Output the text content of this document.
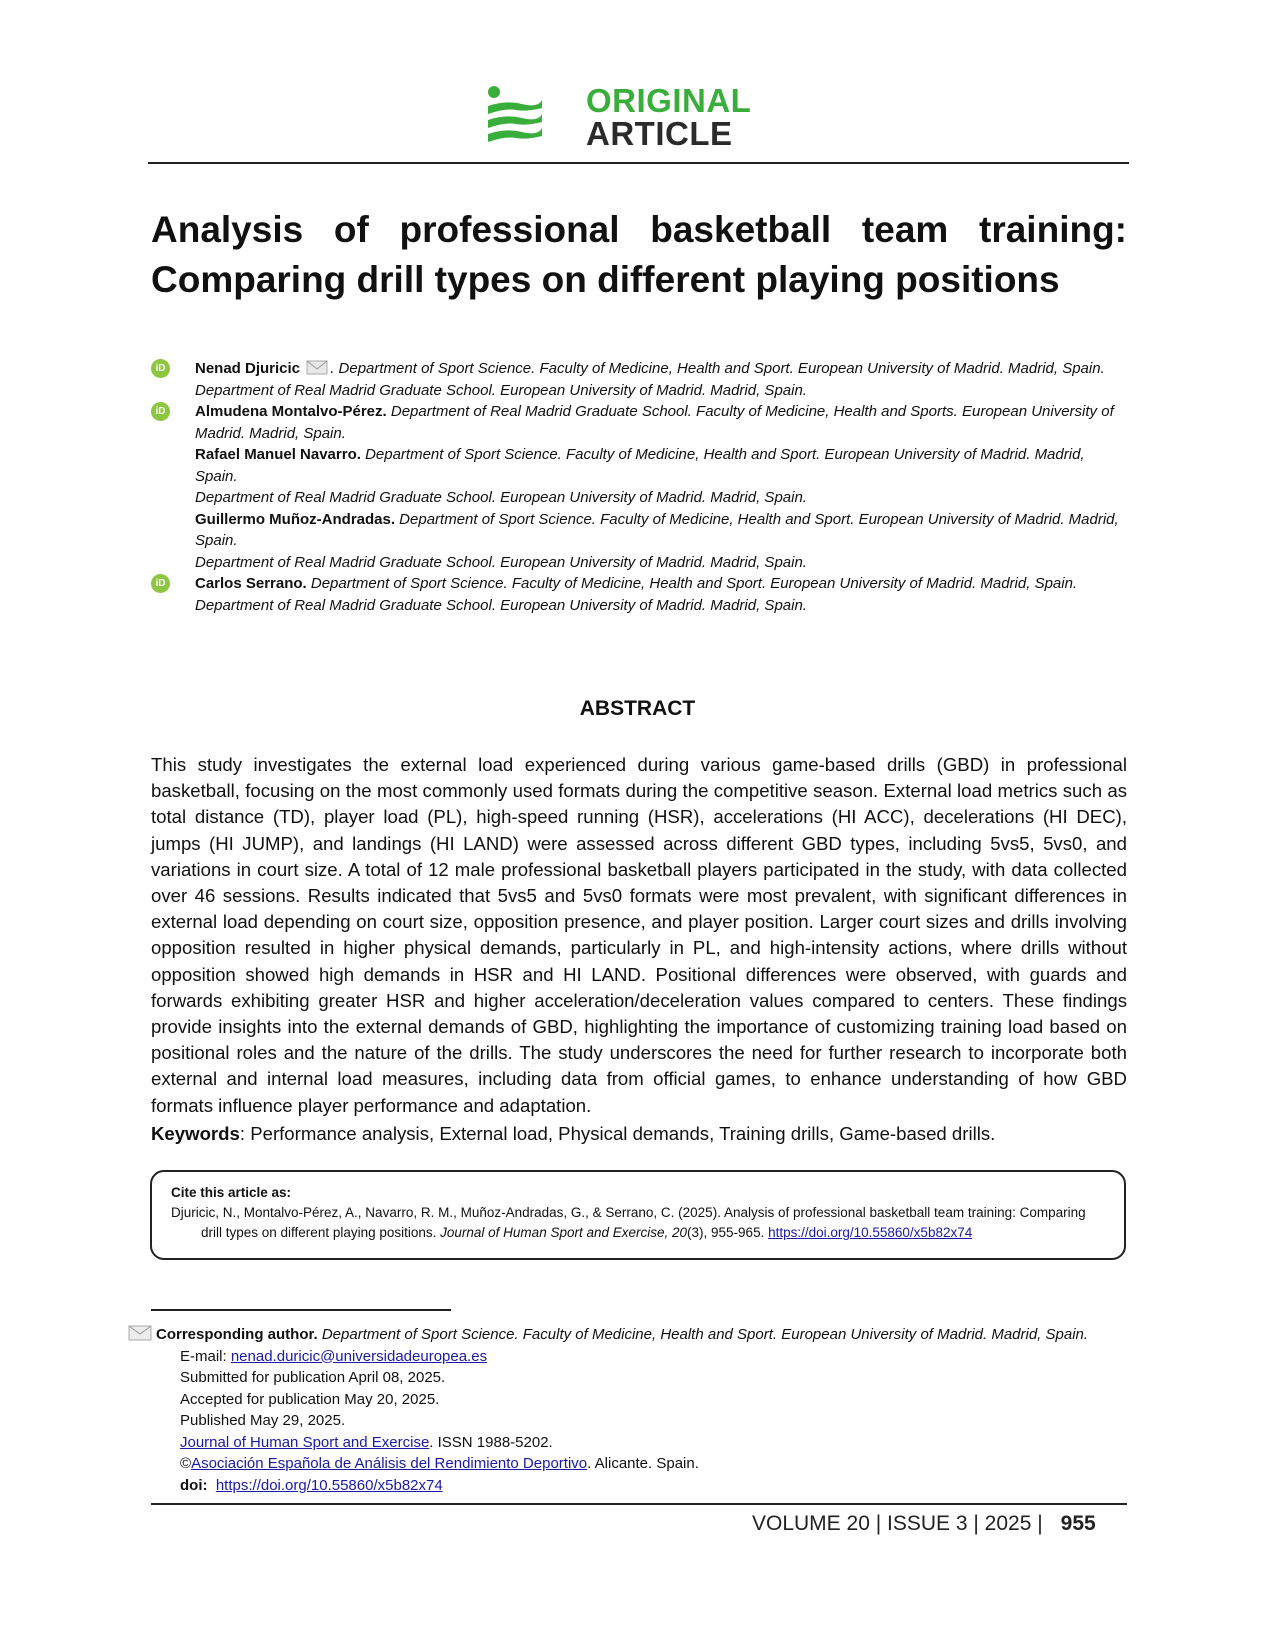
ORIGINAL
ARTICLE
Analysis of professional basketball team training: Comparing drill types on different playing positions
iD	Nenad Djuricic . Department of Sport Science. Faculty of Medicine, Health and Sport. European University of Madrid. Madrid, Spain. Department of Real Madrid Graduate School. European University of Madrid. Madrid, Spain.
iD	Almudena Montalvo-Pérez. Department of Real Madrid Graduate School. Faculty of Medicine, Health and Sports. European University of Madrid. Madrid, Spain.
Rafael Manuel Navarro. Department of Sport Science. Faculty of Medicine, Health and Sport. European University of Madrid. Madrid, Spain.
Department of Real Madrid Graduate School. European University of Madrid. Madrid, Spain.
Guillermo Muñoz-Andradas. Department of Sport Science. Faculty of Medicine, Health and Sport. European University of Madrid. Madrid, Spain.
Department of Real Madrid Graduate School. European University of Madrid. Madrid, Spain.
iD	Carlos Serrano. Department of Sport Science. Faculty of Medicine, Health and Sport. European University of Madrid. Madrid, Spain. Department of Real Madrid Graduate School. European University of Madrid. Madrid, Spain.
ABSTRACT
This study investigates the external load experienced during various game-based drills (GBD) in professional basketball, focusing on the most commonly used formats during the competitive season. External load metrics such as total distance (TD), player load (PL), high-speed running (HSR), accelerations (HI ACC), decelerations (HI DEC), jumps (HI JUMP), and landings (HI LAND) were assessed across different GBD types, including 5vs5, 5vs0, and variations in court size. A total of 12 male professional basketball players participated in the study, with data collected over 46 sessions. Results indicated that 5vs5 and 5vs0 formats were most prevalent, with significant differences in external load depending on court size, opposition presence, and player position. Larger court sizes and drills involving opposition resulted in higher physical demands, particularly in PL, and high-intensity actions, where drills without opposition showed high demands in HSR and HI LAND. Positional differences were observed, with guards and forwards exhibiting greater HSR and higher acceleration/deceleration values compared to centers. These findings provide insights into the external demands of GBD, highlighting the importance of customizing training load based on positional roles and the nature of the drills. The study underscores the need for further research to incorporate both external and internal load measures, including data from official games, to enhance understanding of how GBD formats influence player performance and adaptation.
Keywords: Performance analysis, External load, Physical demands, Training drills, Game-based drills.
Cite this article as:
Djuricic, N., Montalvo-Pérez, A., Navarro, R. M., Muñoz-Andradas, G., & Serrano, C. (2025). Analysis of professional basketball team training: Comparing drill types on different playing positions. Journal of Human Sport and Exercise, 20(3), 955-965. https://doi.org/10.55860/x5b82x74
Corresponding author. Department of Sport Science. Faculty of Medicine, Health and Sport. European University of Madrid. Madrid, Spain.
E-mail: nenad.duricic@universidadeuropea.es
Submitted for publication April 08, 2025.
Accepted for publication May 20, 2025.
Published May 29, 2025.
Journal of Human Sport and Exercise. ISSN 1988-5202.
©Asociación Española de Análisis del Rendimiento Deportivo. Alicante. Spain.
doi: https://doi.org/10.55860/x5b82x74
VOLUME 20 | ISSUE 3 | 2025 | 955
